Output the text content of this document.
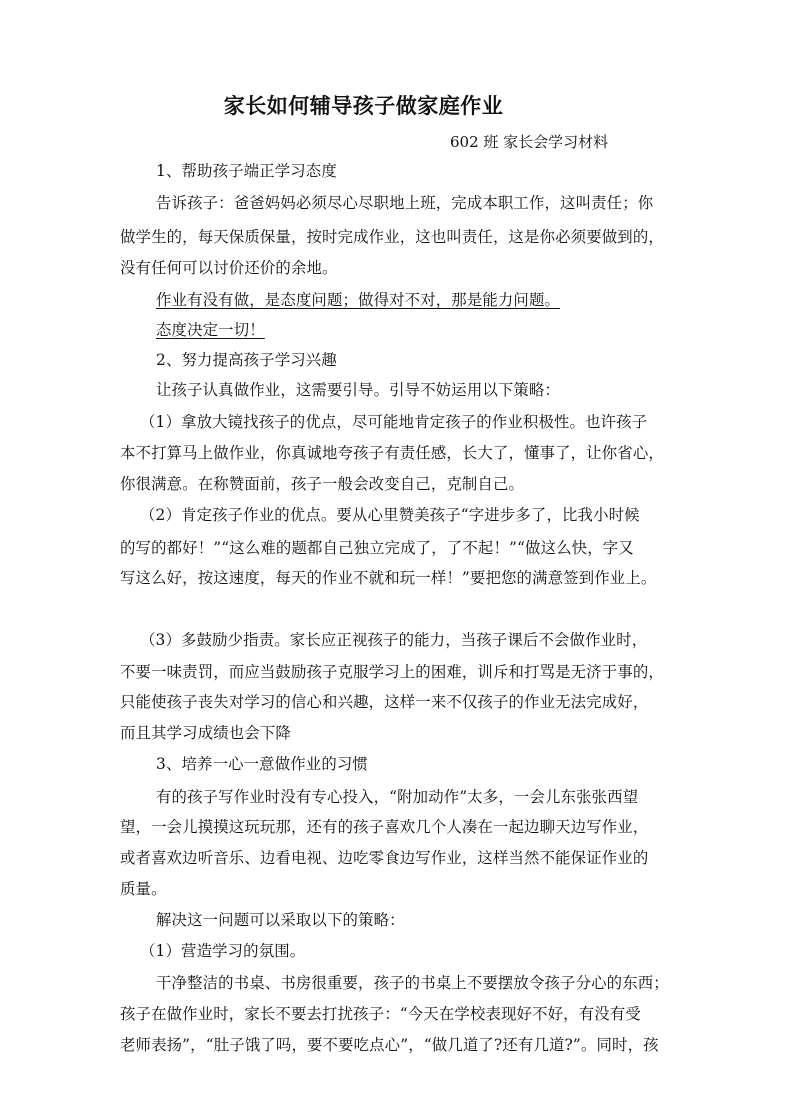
家长如何辅导孩子做家庭作业
602 班 家长会学习材料
1、帮助孩子端正学习态度
告诉孩子：爸爸妈妈必须尽心尽职地上班，完成本职工作，这叫责任；你
做学生的，每天保质保量，按时完成作业，这也叫责任，这是你必须要做到的，
没有任何可以讨价还价的余地。
作业有没有做，是态度问题；做得对不对，那是能力问题。
态度决定一切！
2、努力提高孩子学习兴趣
让孩子认真做作业，这需要引导。引导不妨运用以下策略：
（1）拿放大镜找孩子的优点，尽可能地肯定孩子的作业积极性。也许孩子
本不打算马上做作业，你真诚地夸孩子有责任感，长大了，懂事了，让你省心，
你很满意。在称赞面前，孩子一般会改变自己，克制自己。
（2）肯定孩子作业的优点。要从心里赞美孩子“字进步多了，比我小时候
的写的都好！”“这么难的题都自己独立完成了，了不起！”“做这么快，字又
写这么好，按这速度，每天的作业不就和玩一样！”要把您的满意签到作业上。
（3）多鼓励少指责。家长应正视孩子的能力，当孩子课后不会做作业时，
不要一味责罚，而应当鼓励孩子克服学习上的困难，训斥和打骂是无济于事的，
只能使孩子丧失对学习的信心和兴趣，这样一来不仅孩子的作业无法完成好，
而且其学习成绩也会下降
3、培养一心一意做作业的习惯
有的孩子写作业时没有专心投入，“附加动作”太多，一会儿东张张西望
望，一会儿摸摸这玩玩那，还有的孩子喜欢几个人凑在一起边聊天边写作业，
或者喜欢边听音乐、边看电视、边吃零食边写作业，这样当然不能保证作业的
质量。
解决这一问题可以采取以下的策略：
（1）营造学习的氛围。
干净整洁的书桌、书房很重要，孩子的书桌上不要摆放令孩子分心的东西；
孩子在做作业时，家长不要去打扰孩子：“今天在学校表现好不好，有没有受
老师表扬”，“肚子饿了吗，要不要吃点心”，“做几道了?还有几道?”。同时，孩
